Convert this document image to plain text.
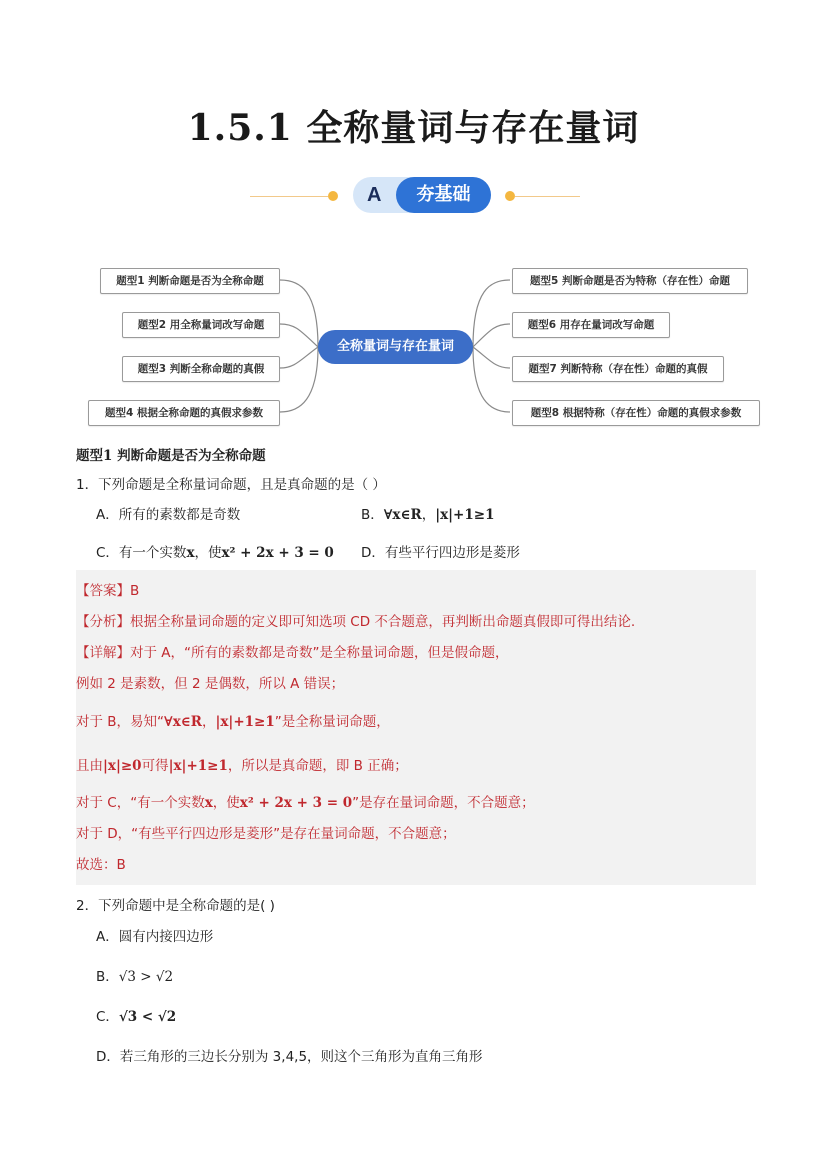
1.5.1 全称量词与存在量词
A	夯基础
题型1 判断命题是否为全称命题
题型2 用全称量词改写命题
题型3 判断全称命题的真假
题型4 根据全称命题的真假求参数
全称量词与存在量词
题型5 判断命题是否为特称（存在性）命题
题型6 用存在量词改写命题
题型7 判断特称（存在性）命题的真假
题型8 根据特称（存在性）命题的真假求参数
题型1 判断命题是否为全称命题
1．下列命题是全称量词命题，且是真命题的是（ ）
A．所有的素数都是奇数	B．∀x∈R，|x|+1≥1
C．有一个实数x，使x² + 2x + 3 = 0	D．有些平行四边形是菱形
【答案】B
【分析】根据全称量词命题的定义即可知选项 CD 不合题意，再判断出命题真假即可得出结论.
【详解】对于 A，“所有的素数都是奇数”是全称量词命题，但是假命题，
例如 2 是素数，但 2 是偶数，所以 A 错误；
对于 B，易知“∀x∈R，|x|+1≥1”是全称量词命题，
且由|x|≥0可得|x|+1≥1，所以是真命题，即 B 正确；
对于 C，“有一个实数x，使x² + 2x + 3 = 0”是存在量词命题，不合题意；
对于 D，“有些平行四边形是菱形”是存在量词命题，不合题意；
故选：B
2．下列命题中是全称命题的是( )
A．圆有内接四边形
B．√3 > √2
C．√3 < √2
D．若三角形的三边长分别为 3,4,5，则这个三角形为直角三角形
